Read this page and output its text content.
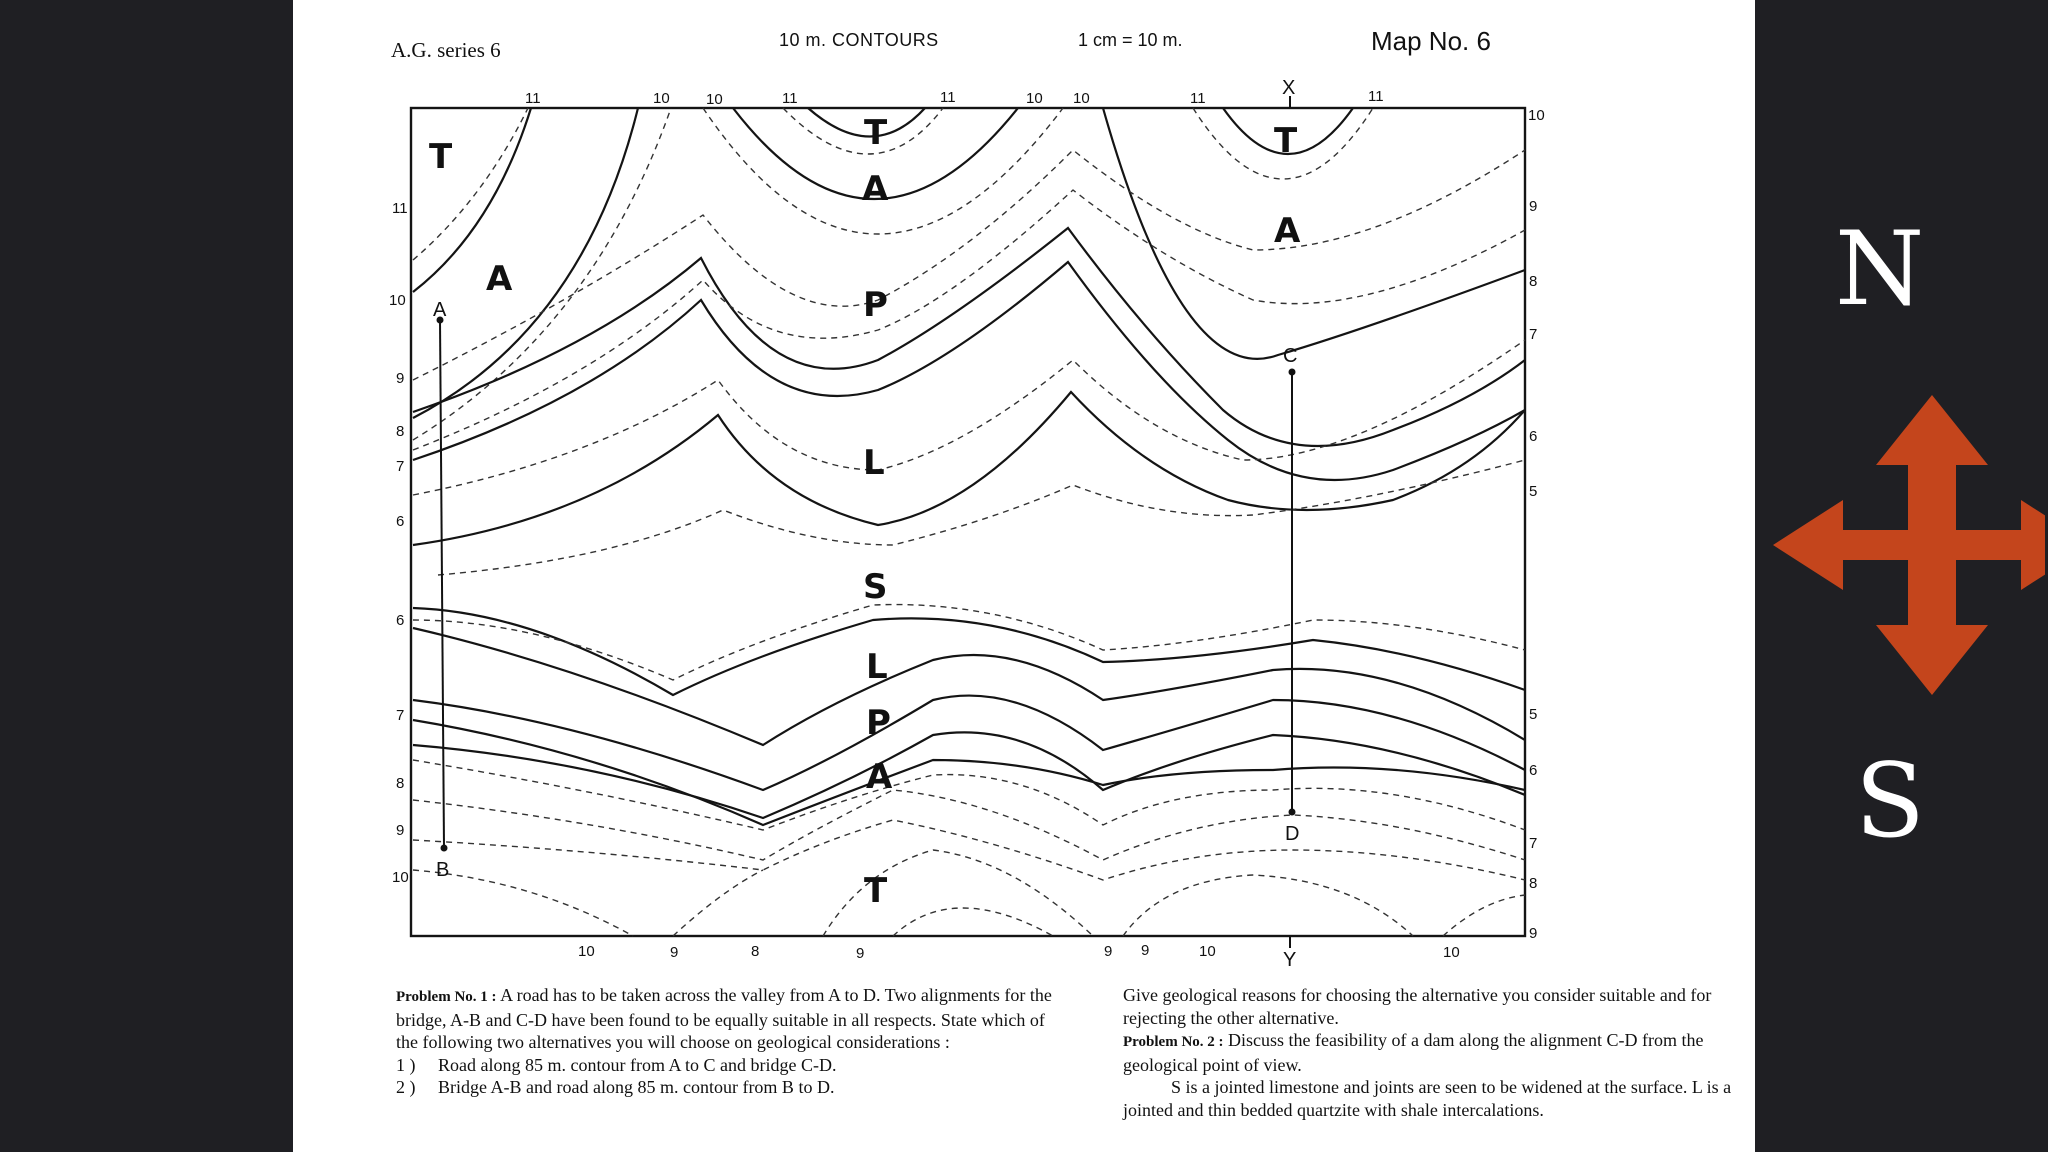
A
B
C
D
X
Y
T
A
T
A
P
L
S
L
P
A
T
T
A
11	10 10	11	11	10 10	11	11
10	9	8	9	9 9	10	10
11
10
9
8
7
6
6
7
8
9
10
10
9
8
7
6
5
5
6
7
8
9
A.G. series 6	10 m. CONTOURS	1 cm = 10 m.	Map No. 6

Problem No. 1 : A road has to be taken across the valley from A to D. Two alignments for the bridge, A-B and C-D have been found to be equally suitable in all respects. State which of the following two alternatives you will choose on geological considerations :

1 ) Road along 85 m. contour from A to C and bridge C-D.

2 ) Bridge A-B and road along 85 m. contour from B to D.

Give geological reasons for choosing the alternative you consider suitable and for rejecting the other alternative.

Problem No. 2 : Discuss the feasibility of a dam along the alignment C-D from the geological point of view.

S is a jointed limestone and joints are seen to be widened at the surface. L is a jointed and thin bedded quartzite with shale intercalations.

N
S
